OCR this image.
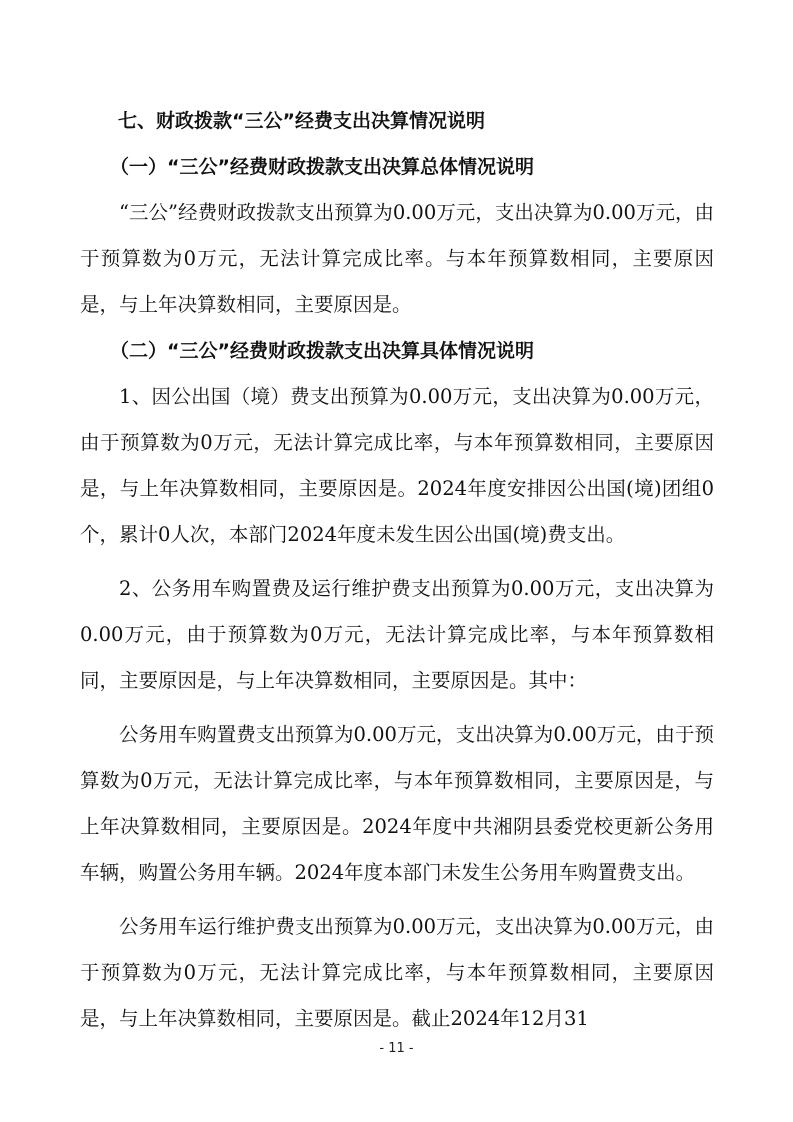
七、财政拨款“三公”经费支出决算情况说明

（一）“三公”经费财政拨款支出决算总体情况说明

“三公”经费财政拨款支出预算为0.00万元，支出决算为0.00万元，由于预算数为0万元，无法计算完成比率。与本年预算数相同，主要原因是，与上年决算数相同，主要原因是。

（二）“三公”经费财政拨款支出决算具体情况说明

1、因公出国（境）费支出预算为0.00万元，支出决算为0.00万元，由于预算数为0万元，无法计算完成比率，与本年预算数相同，主要原因是，与上年决算数相同，主要原因是。2024年度安排因公出国(境)团组0个，累计0人次，本部门2024年度未发生因公出国(境)费支出。

2、公务用车购置费及运行维护费支出预算为0.00万元，支出决算为0.00万元，由于预算数为0万元，无法计算完成比率，与本年预算数相同，主要原因是，与上年决算数相同，主要原因是。其中：

公务用车购置费支出预算为0.00万元，支出决算为0.00万元，由于预算数为0万元，无法计算完成比率，与本年预算数相同，主要原因是，与上年决算数相同，主要原因是。2024年度中共湘阴县委党校更新公务用车辆，购置公务用车辆。2024年度本部门未发生公务用车购置费支出。

公务用车运行维护费支出预算为0.00万元，支出决算为0.00万元，由于预算数为0万元，无法计算完成比率，与本年预算数相同，主要原因是，与上年决算数相同，主要原因是。截止2024年12月31

- 11 -
